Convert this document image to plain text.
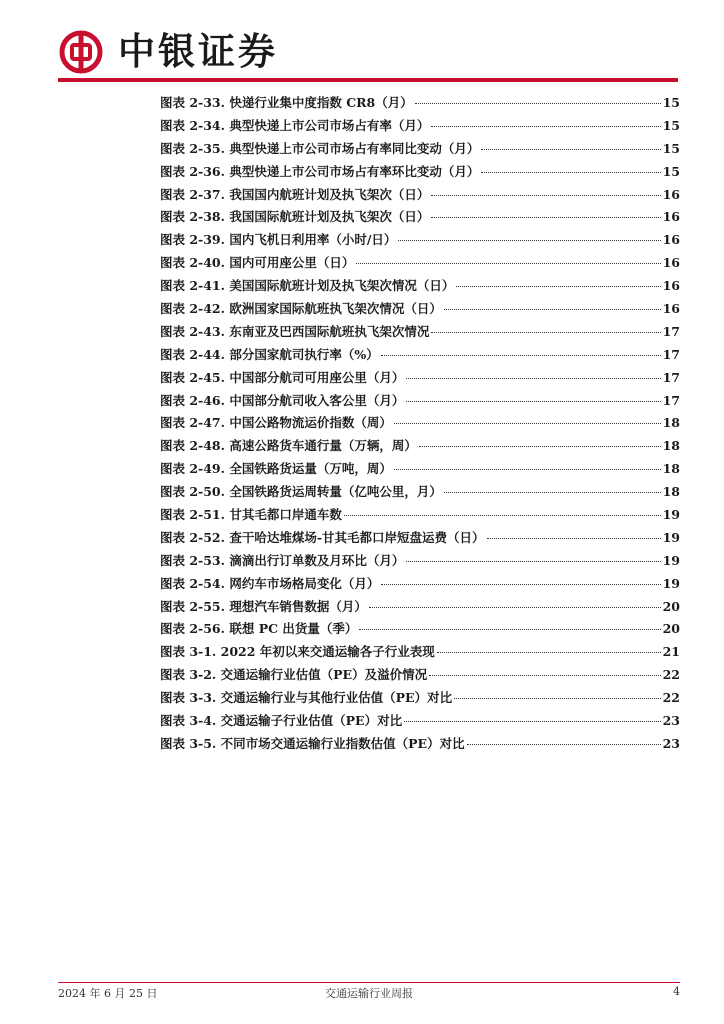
中银证券
图表 2-33. 快递行业集中度指数 CR8（月）	15
图表 2-34. 典型快递上市公司市场占有率（月）	15
图表 2-35. 典型快递上市公司市场占有率同比变动（月）	15
图表 2-36. 典型快递上市公司市场占有率环比变动（月）	15
图表 2-37. 我国国内航班计划及执飞架次（日）	16
图表 2-38. 我国国际航班计划及执飞架次（日）	16
图表 2-39. 国内飞机日利用率（小时/日）	16
图表 2-40. 国内可用座公里（日）	16
图表 2-41. 美国国际航班计划及执飞架次情况（日）	16
图表 2-42. 欧洲国家国际航班执飞架次情况（日）	16
图表 2-43. 东南亚及巴西国际航班执飞架次情况	17
图表 2-44. 部分国家航司执行率（%）	17
图表 2-45. 中国部分航司可用座公里（月）	17
图表 2-46. 中国部分航司收入客公里（月）	17
图表 2-47. 中国公路物流运价指数（周）	18
图表 2-48. 高速公路货车通行量（万辆，周）	18
图表 2-49. 全国铁路货运量（万吨，周）	18
图表 2-50. 全国铁路货运周转量（亿吨公里，月）	18
图表 2-51. 甘其毛都口岸通车数	19
图表 2-52. 查干哈达堆煤场-甘其毛都口岸短盘运费（日）	19
图表 2-53. 滴滴出行订单数及月环比（月）	19
图表 2-54. 网约车市场格局变化（月）	19
图表 2-55. 理想汽车销售数据（月）	20
图表 2-56. 联想 PC 出货量（季）	20
图表 3-1. 2022 年初以来交通运输各子行业表现	21
图表 3-2. 交通运输行业估值（PE）及溢价情况	22
图表 3-3. 交通运输行业与其他行业估值（PE）对比	22
图表 3-4. 交通运输子行业估值（PE）对比	23
图表 3-5. 不同市场交通运输行业指数估值（PE）对比	23
2024 年 6 月 25 日	交通运输行业周报	4
